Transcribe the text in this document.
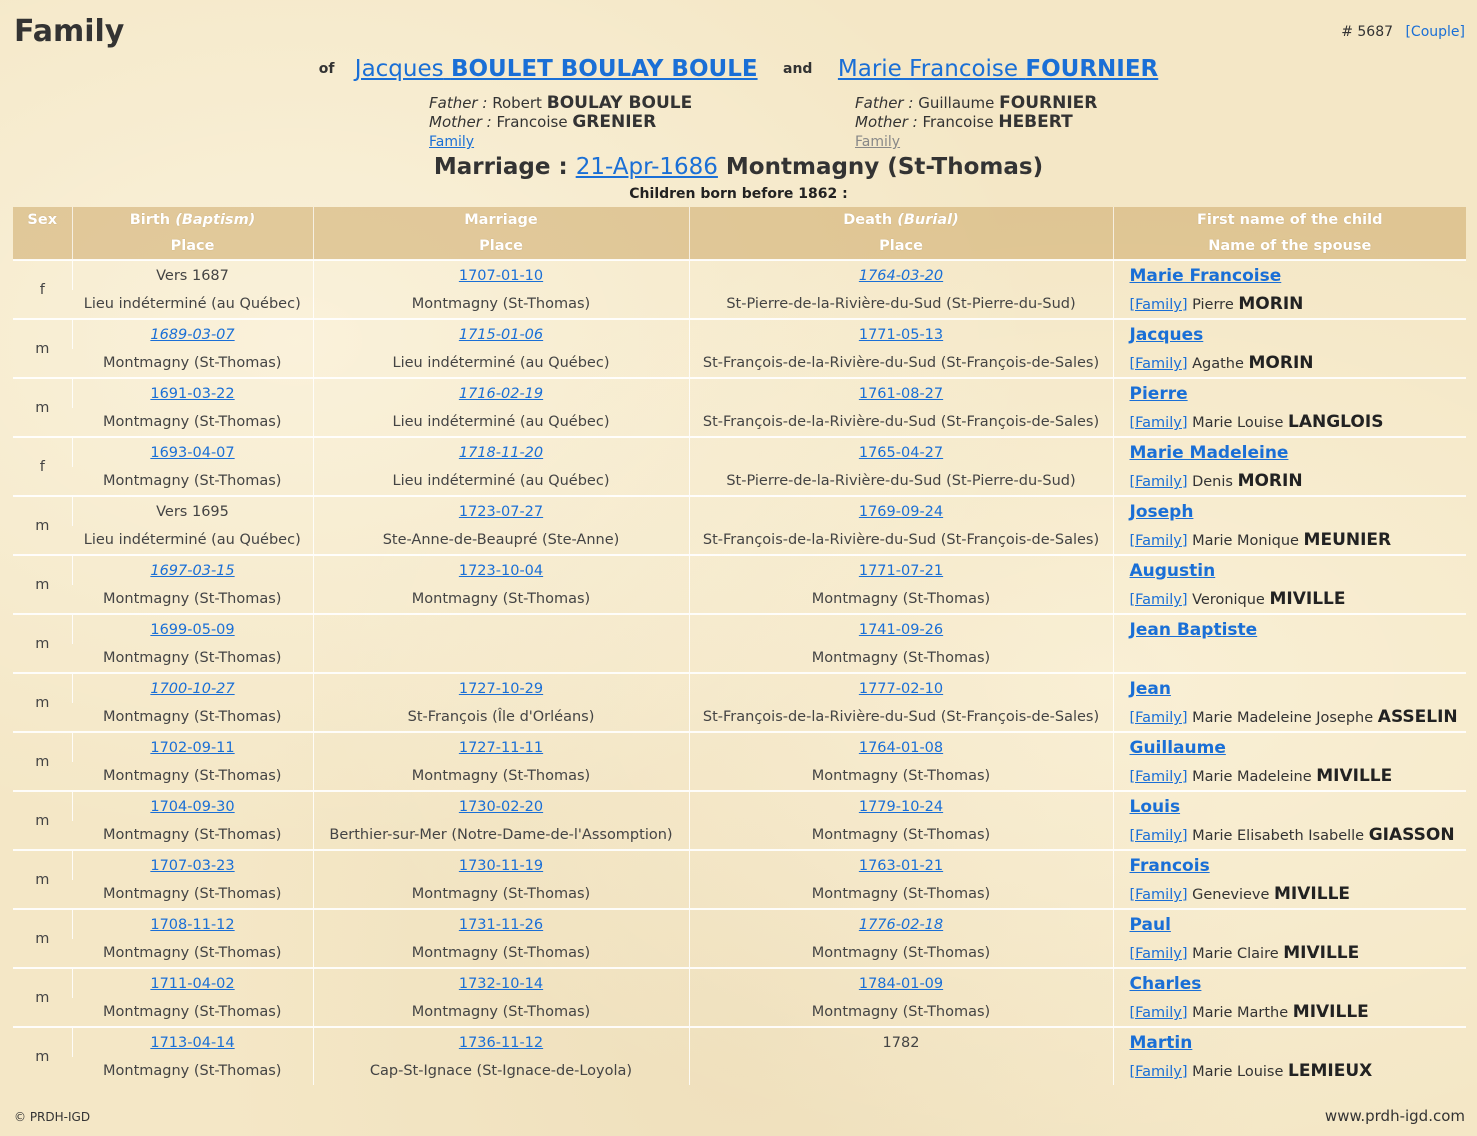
Family	# 5687 [Couple]
of Jacques BOULET BOULAY BOULE and Marie Francoise FOURNIER
Father : Robert BOULAY BOULE
Mother : Francoise GRENIER
Family
Father : Guillaume FOURNIER
Mother : Francoise HEBERT
Family
Marriage : 21-Apr-1686 Montmagny (St-Thomas)
Children born before 1862 :
Sex	Birth (Baptism)	Marriage	Death (Burial)	First name of the child
	Place	Place	Place	Name of the spouse
f	Vers 1687	1707-01-10	1764-03-20	Marie Francoise
	Lieu indéterminé (au Québec)	Montmagny (St-Thomas)	St-Pierre-de-la-Rivière-du-Sud (St-Pierre-du-Sud)	[Family] Pierre MORIN
m	1689-03-07	1715-01-06	1771-05-13	Jacques
	Montmagny (St-Thomas)	Lieu indéterminé (au Québec)	St-François-de-la-Rivière-du-Sud (St-François-de-Sales)	[Family] Agathe MORIN
m	1691-03-22	1716-02-19	1761-08-27	Pierre
	Montmagny (St-Thomas)	Lieu indéterminé (au Québec)	St-François-de-la-Rivière-du-Sud (St-François-de-Sales)	[Family] Marie Louise LANGLOIS
f	1693-04-07	1718-11-20	1765-04-27	Marie Madeleine
	Montmagny (St-Thomas)	Lieu indéterminé (au Québec)	St-Pierre-de-la-Rivière-du-Sud (St-Pierre-du-Sud)	[Family] Denis MORIN
m	Vers 1695	1723-07-27	1769-09-24	Joseph
	Lieu indéterminé (au Québec)	Ste-Anne-de-Beaupré (Ste-Anne)	St-François-de-la-Rivière-du-Sud (St-François-de-Sales)	[Family] Marie Monique MEUNIER
m	1697-03-15	1723-10-04	1771-07-21	Augustin
	Montmagny (St-Thomas)	Montmagny (St-Thomas)	Montmagny (St-Thomas)	[Family] Veronique MIVILLE
m	1699-05-09		1741-09-26	Jean Baptiste
	Montmagny (St-Thomas)		Montmagny (St-Thomas)	
m	1700-10-27	1727-10-29	1777-02-10	Jean
	Montmagny (St-Thomas)	St-François (Île d'Orléans)	St-François-de-la-Rivière-du-Sud (St-François-de-Sales)	[Family] Marie Madeleine Josephe ASSELIN
m	1702-09-11	1727-11-11	1764-01-08	Guillaume
	Montmagny (St-Thomas)	Montmagny (St-Thomas)	Montmagny (St-Thomas)	[Family] Marie Madeleine MIVILLE
m	1704-09-30	1730-02-20	1779-10-24	Louis
	Montmagny (St-Thomas)	Berthier-sur-Mer (Notre-Dame-de-l'Assomption)	Montmagny (St-Thomas)	[Family] Marie Elisabeth Isabelle GIASSON
m	1707-03-23	1730-11-19	1763-01-21	Francois
	Montmagny (St-Thomas)	Montmagny (St-Thomas)	Montmagny (St-Thomas)	[Family] Genevieve MIVILLE
m	1708-11-12	1731-11-26	1776-02-18	Paul
	Montmagny (St-Thomas)	Montmagny (St-Thomas)	Montmagny (St-Thomas)	[Family] Marie Claire MIVILLE
m	1711-04-02	1732-10-14	1784-01-09	Charles
	Montmagny (St-Thomas)	Montmagny (St-Thomas)	Montmagny (St-Thomas)	[Family] Marie Marthe MIVILLE
m	1713-04-14	1736-11-12	1782	Martin
	Montmagny (St-Thomas)	Cap-St-Ignace (St-Ignace-de-Loyola)		[Family] Marie Louise LEMIEUX
© PRDH-IGD	www.prdh-igd.com
